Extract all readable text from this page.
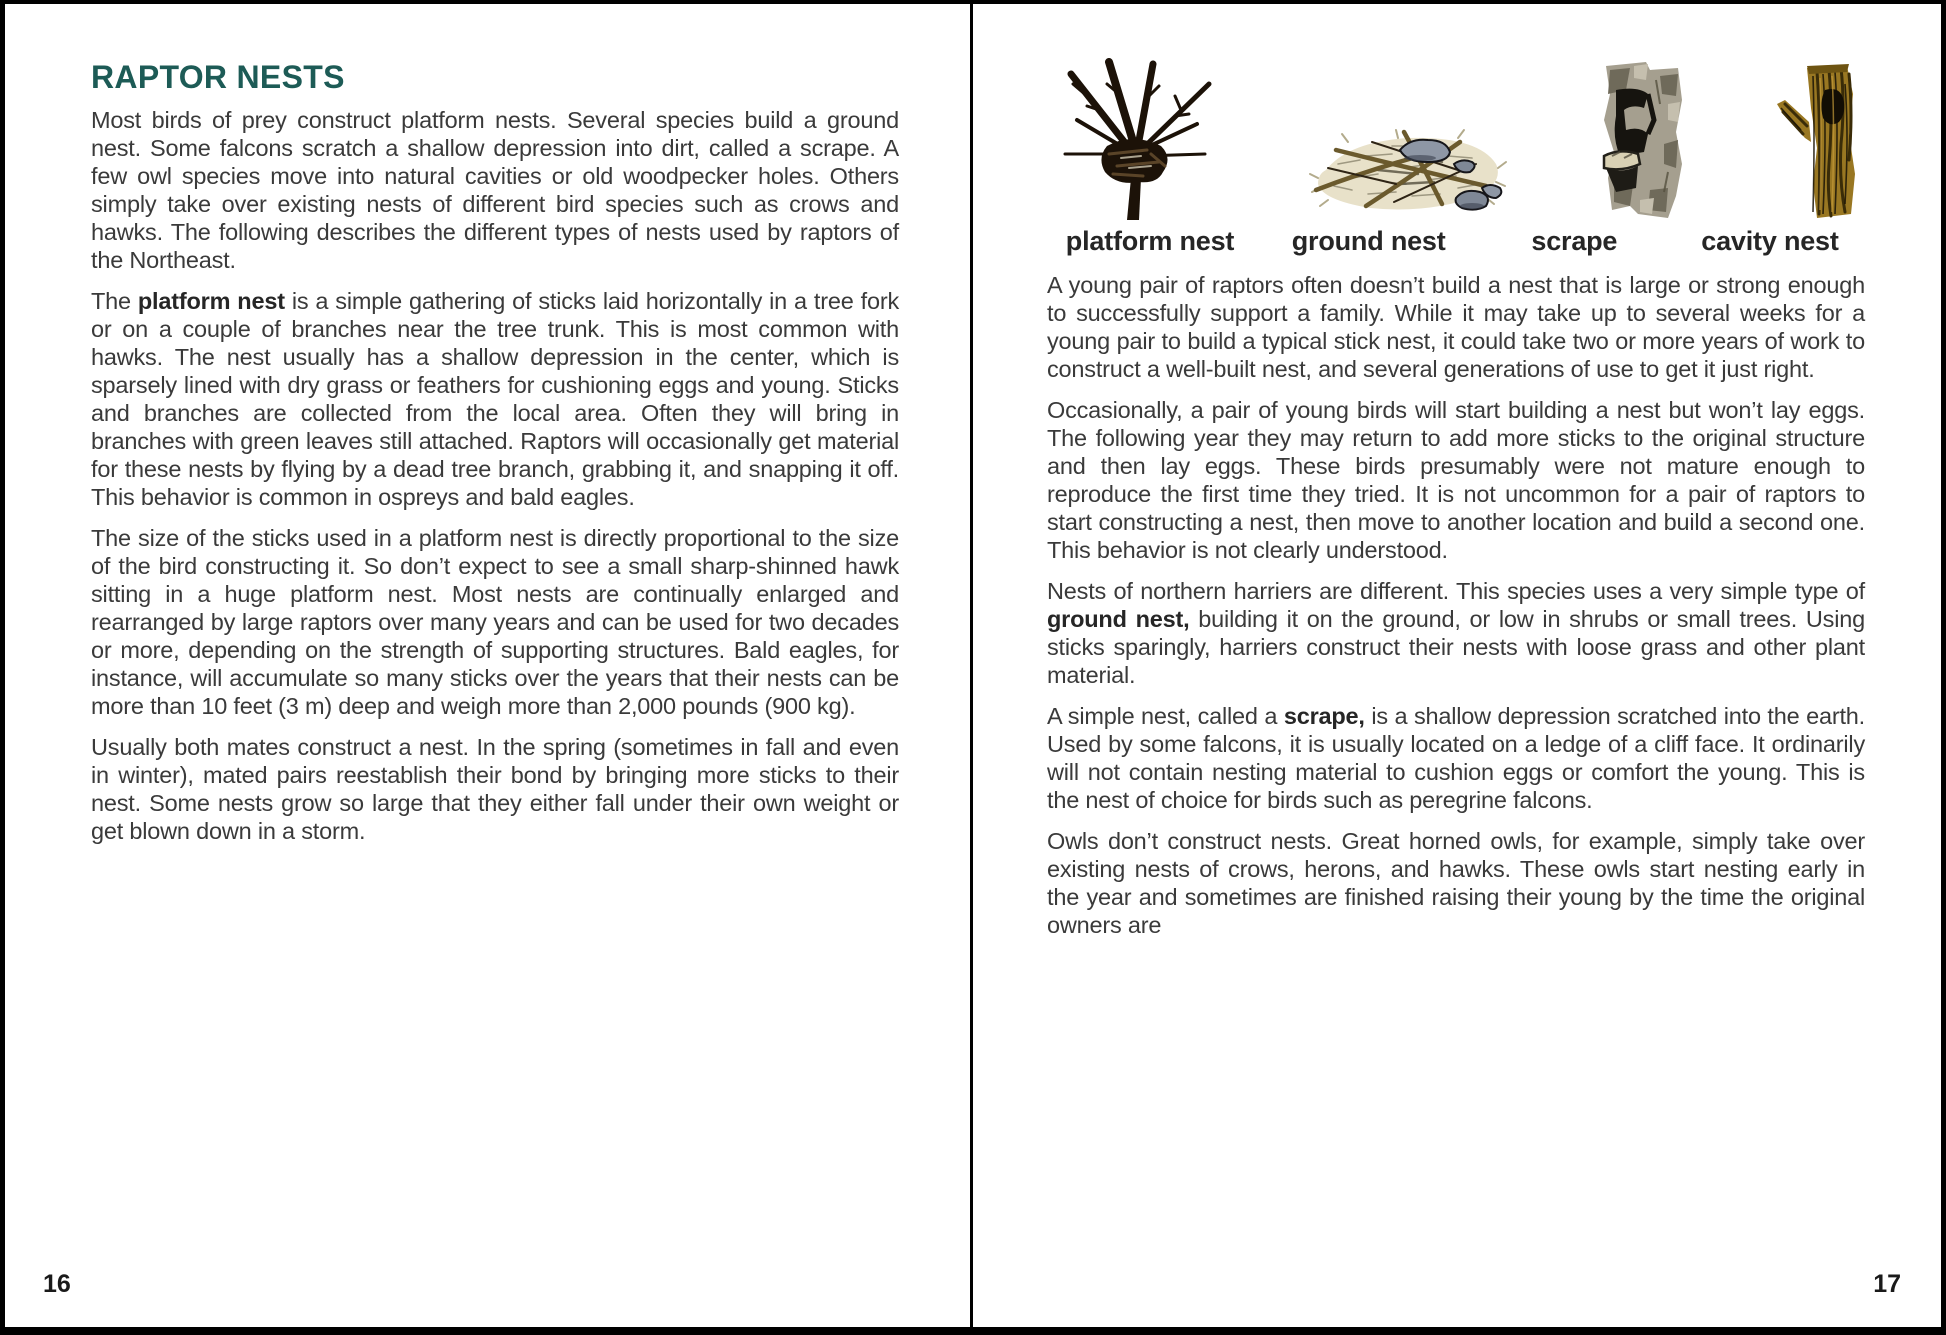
RAPTOR NESTS

Most birds of prey construct platform nests. Several species build a ground nest. Some falcons scratch a shallow depression into dirt, called a scrape. A few owl species move into natural cavities or old woodpecker holes. Others simply take over existing nests of different bird species such as crows and hawks. The following describes the different types of nests used by raptors of the Northeast.

The platform nest is a simple gathering of sticks laid horizontally in a tree fork or on a couple of branches near the tree trunk. This is most common with hawks. The nest usually has a shallow depression in the center, which is sparsely lined with dry grass or feathers for cushioning eggs and young. Sticks and branches are collected from the local area. Often they will bring in branches with green leaves still attached. Raptors will occasionally get material for these nests by flying by a dead tree branch, grabbing it, and snapping it off. This behavior is common in ospreys and bald eagles.

The size of the sticks used in a platform nest is directly proportional to the size of the bird constructing it. So don’t expect to see a small sharp-shinned hawk sitting in a huge platform nest. Most nests are continually enlarged and rearranged by large raptors over many years and can be used for two decades or more, depending on the strength of supporting structures. Bald eagles, for instance, will accumulate so many sticks over the years that their nests can be more than 10 feet (3 m) deep and weigh more than 2,000 pounds (900 kg).

Usually both mates construct a nest. In the spring (sometimes in fall and even in winter), mated pairs reestablish their bond by bringing more sticks to their nest. Some nests grow so large that they either fall under their own weight or get blown down in a storm.

16
platform nest	ground nest	scrape	cavity nest

A young pair of raptors often doesn’t build a nest that is large or strong enough to successfully support a family. While it may take up to several weeks for a young pair to build a typical stick nest, it could take two or more years of work to construct a well-built nest, and several generations of use to get it just right.

Occasionally, a pair of young birds will start building a nest but won’t lay eggs. The following year they may return to add more sticks to the original structure and then lay eggs. These birds presumably were not mature enough to reproduce the first time they tried. It is not uncommon for a pair of raptors to start constructing a nest, then move to another location and build a second one. This behavior is not clearly understood.

Nests of northern harriers are different. This species uses a very simple type of ground nest, building it on the ground, or low in shrubs or small trees. Using sticks sparingly, harriers construct their nests with loose grass and other plant material.

A simple nest, called a scrape, is a shallow depression scratched into the earth. Used by some falcons, it is usually located on a ledge of a cliff face. It ordinarily will not contain nesting material to cushion eggs or comfort the young. This is the nest of choice for birds such as peregrine falcons.

Owls don’t construct nests. Great horned owls, for example, simply take over existing nests of crows, herons, and hawks. These owls start nesting early in the year and sometimes are finished raising their young by the time the original owners are

17
